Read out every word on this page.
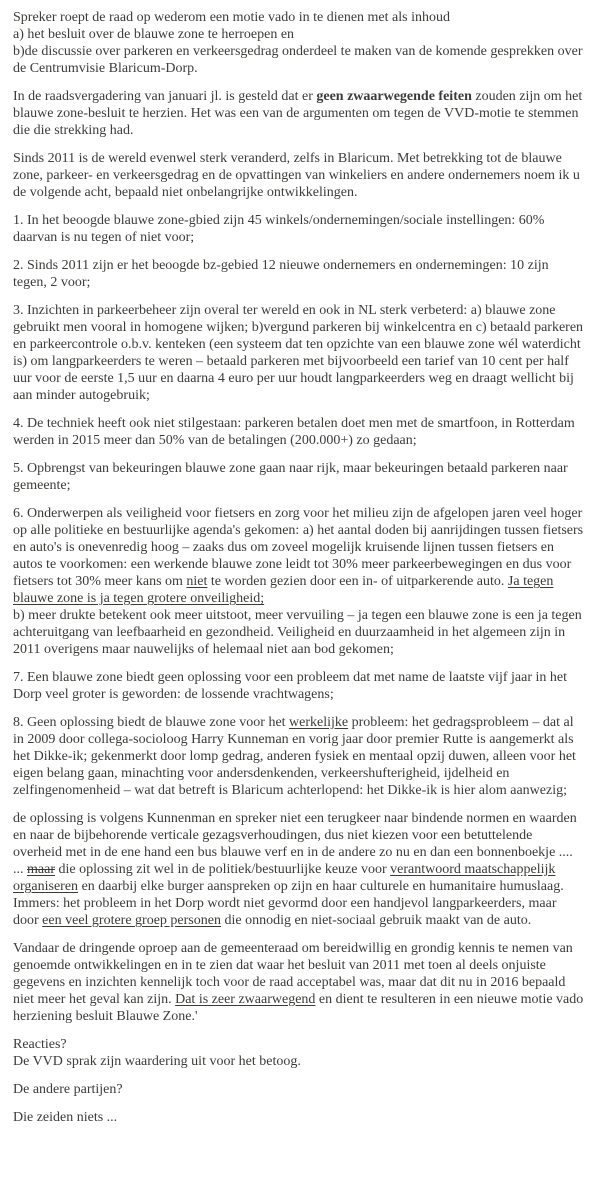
Spreker roept de raad op wederom een motie vado in te dienen met als inhoud
a) het besluit over de blauwe zone te herroepen en
b)de discussie over parkeren en verkeersgedrag onderdeel te maken van de komende gesprekken over de Centrumvisie Blaricum-Dorp.

In de raadsvergadering van januari jl. is gesteld dat er geen zwaarwegende feiten zouden zijn om het blauwe zone-besluit te herzien. Het was een van de argumenten om tegen de VVD-motie te stemmen die die strekking had.

Sinds 2011 is de wereld evenwel sterk veranderd, zelfs in Blaricum. Met betrekking tot de blauwe zone, parkeer- en verkeersgedrag en de opvattingen van winkeliers en andere ondernemers noem ik u de volgende acht, bepaald niet onbelangrijke ontwikkelingen.

1. In het beoogde blauwe zone-gbied zijn 45 winkels/ondernemingen/sociale instellingen: 60% daarvan is nu tegen of niet voor;

2. Sinds 2011 zijn er het beoogde bz-gebied 12 nieuwe ondernemers en ondernemingen: 10 zijn tegen, 2 voor;

3. Inzichten in parkeerbeheer zijn overal ter wereld en ook in NL sterk verbeterd: a) blauwe zone gebruikt men vooral in homogene wijken; b)vergund parkeren bij winkelcentra en c) betaald parkeren en parkeercontrole o.b.v. kenteken (een systeem dat ten opzichte van een blauwe zone wél waterdicht is) om langparkeerders te weren – betaald parkeren met bijvoorbeeld een tarief van 10 cent per half uur voor de eerste 1,5 uur en daarna 4 euro per uur houdt langparkeerders weg en draagt wellicht bij aan minder autogebruik;

4. De techniek heeft ook niet stilgestaan: parkeren betalen doet men met de smartfoon, in Rotterdam werden in 2015 meer dan 50% van de betalingen (200.000+) zo gedaan;

5. Opbrengst van bekeuringen blauwe zone gaan naar rijk, maar bekeuringen betaald parkeren naar gemeente;

6. Onderwerpen als veiligheid voor fietsers en zorg voor het milieu zijn de afgelopen jaren veel hoger op alle politieke en bestuurlijke agenda's gekomen: a) het aantal doden bij aanrijdingen tussen fietsers en auto's is onevenredig hoog – zaaks dus om zoveel mogelijk kruisende lijnen tussen fietsers en autos te voorkomen: een werkende blauwe zone leidt tot 30% meer parkeerbewegingen en dus voor fietsers tot 30% meer kans om niet te worden gezien door een in- of uitparkerende auto. Ja tegen blauwe zone is ja tegen grotere onveiligheid;
b) meer drukte betekent ook meer uitstoot, meer vervuiling – ja tegen een blauwe zone is een ja tegen achteruitgang van leefbaarheid en gezondheid. Veiligheid en duurzaamheid in het algemeen zijn in 2011 overigens maar nauwelijks of helemaal niet aan bod gekomen;

7. Een blauwe zone biedt geen oplossing voor een probleem dat met name de laatste vijf jaar in het Dorp veel groter is geworden: de lossende vrachtwagens;

8. Geen oplossing biedt de blauwe zone voor het werkelijke probleem: het gedragsprobleem – dat al in 2009 door collega-socioloog Harry Kunneman en vorig jaar door premier Rutte is aangemerkt als het Dikke-ik; gekenmerkt door lomp gedrag, anderen fysiek en mentaal opzij duwen, alleen voor het eigen belang gaan, minachting voor andersdenkenden, verkeershufterigheid, ijdelheid en zelfingenomenheid – wat dat betreft is Blaricum achterlopend: het Dikke-ik is hier alom aanwezig;

de oplossing is volgens Kunnenman en spreker niet een terugkeer naar bindende normen en waarden en naar de bijbehorende verticale gezagsverhoudingen, dus niet kiezen voor een betuttelende overheid met in de ene hand een bus blauwe verf en in de andere zo nu en dan een bonnenboekje ....

... maar die oplossing zit wel in de politiek/bestuurlijke keuze voor verantwoord maatschappelijk organiseren en daarbij elke burger aanspreken op zijn en haar culturele en humanitaire humuslaag.

Immers: het probleem in het Dorp wordt niet gevormd door een handjevol langparkeerders, maar door een veel grotere groep personen die onnodig en niet-sociaal gebruik maakt van de auto.

Vandaar de dringende oproep aan de gemeenteraad om bereidwillig en grondig kennis te nemen van genoemde ontwikkelingen en in te zien dat waar het besluit van 2011 met toen al deels onjuiste gegevens en inzichten kennelijk toch voor de raad acceptabel was, maar dat dit nu in 2016 bepaald niet meer het geval kan zijn. Dat is zeer zwaarwegend en dient te resulteren in een nieuwe motie vado herziening besluit Blauwe Zone.'

Reacties?
De VVD sprak zijn waardering uit voor het betoog.

De andere partijen?

Die zeiden niets ...
